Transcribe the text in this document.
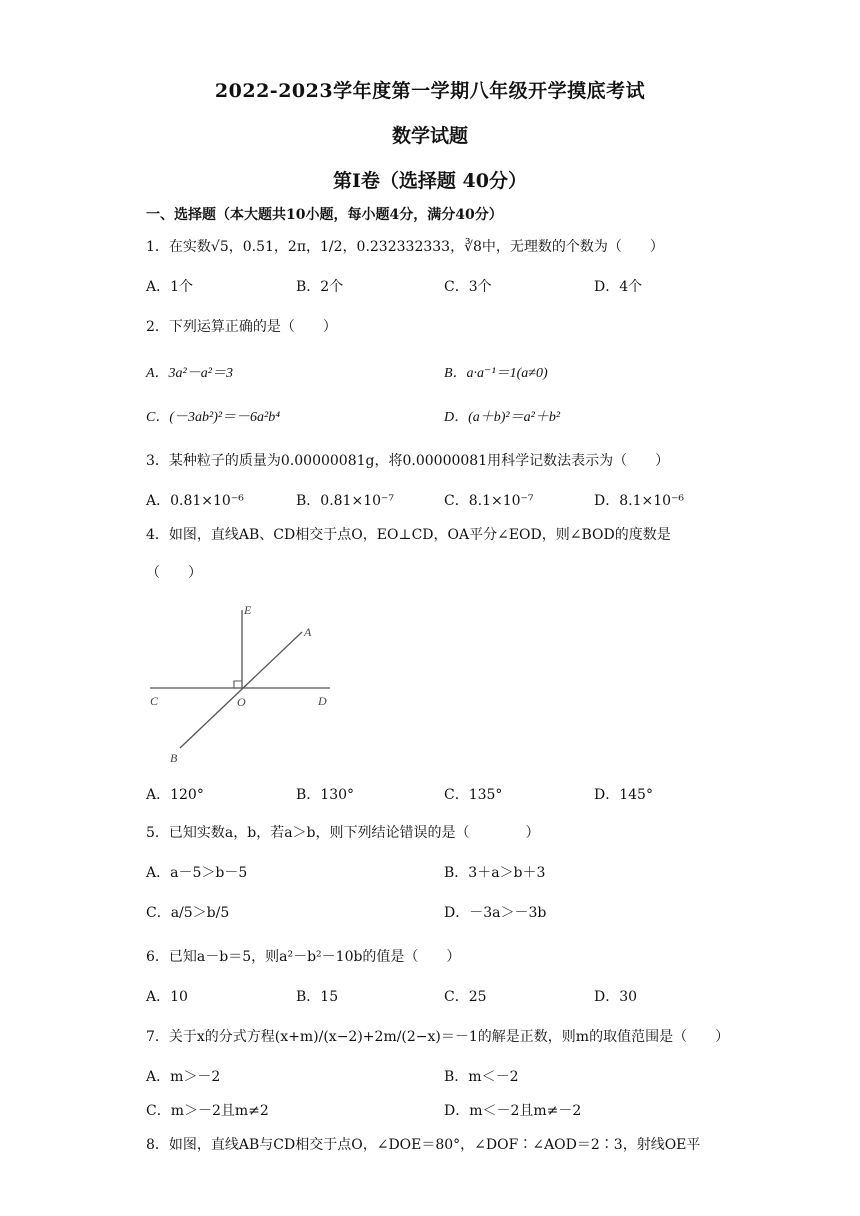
2022-2023学年度第一学期八年级开学摸底考试
数学试题
第Ⅰ卷（选择题 40分）
一、选择题（本大题共10小题，每小题4分，满分40分）
1．在实数√5，0.51，2π，1/2，0.232332333，∛8中，无理数的个数为（　　）
A．1个	B．2个	C．3个	D．4个
2．下列运算正确的是（　　）
A．3a²－a²＝3	B．a·a⁻¹＝1(a≠0)
C．(－3ab²)²＝－6a²b⁴	D．(a＋b)²＝a²＋b²
3．某种粒子的质量为0.00000081g，将0.00000081用科学记数法表示为（　　）
A．0.81×10⁻⁶	B．0.81×10⁻⁷	C．8.1×10⁻⁷	D．8.1×10⁻⁶
4．如图，直线AB、CD相交于点O，EO⊥CD，OA平分∠EOD，则∠BOD的度数是
（　　）
E
A
C	O	D
B
A．120°	B．130°	C．135°	D．145°
5．已知实数a，b，若a＞b，则下列结论错误的是（　　　　）
A．a－5＞b－5	B．3＋a＞b＋3
C．a/5＞b/5	D．－3a＞－3b
6．已知a－b＝5，则a²－b²－10b的值是（　　）
A．10	B．15	C．25	D．30
7．关于x的分式方程(x+m)/(x−2)+2m/(2−x)＝－1的解是正数，则m的取值范围是（　　）
A．m＞－2	B．m＜－2
C．m＞－2且m≠2	D．m＜－2且m≠－2
8．如图，直线AB与CD相交于点O，∠DOE＝80°，∠DOF∶∠AOD＝2∶3，射线OE平
